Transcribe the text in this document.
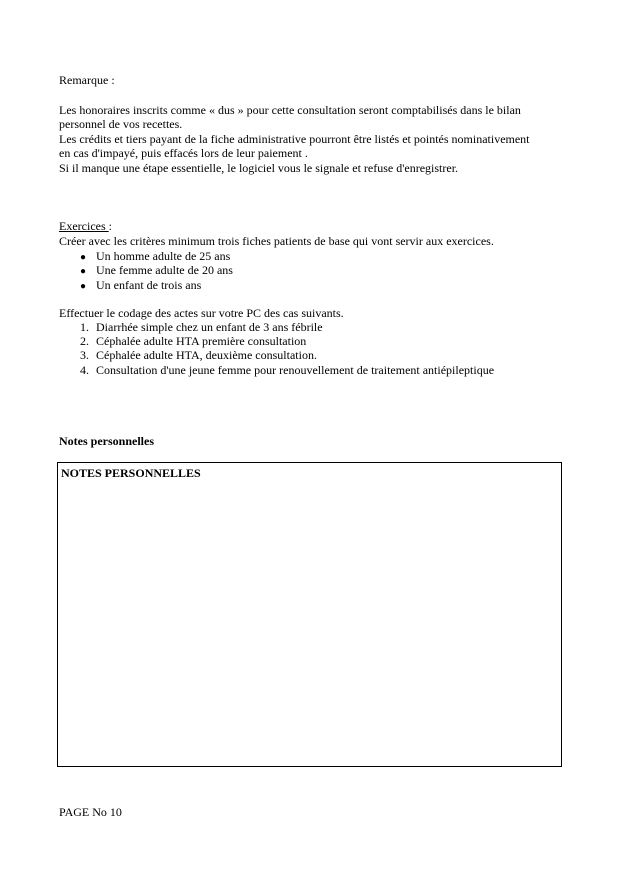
Remarque :
Les honoraires inscrits comme « dus » pour cette consultation seront comptabilisés dans le bilan
personnel de vos recettes.
Les crédits et tiers payant de la fiche administrative pourront être listés et pointés nominativement
en cas d'impayé, puis effacés lors de leur paiement .
Si il manque une étape essentielle, le logiciel vous le signale et refuse d'enregistrer.
Exercices :
Créer avec les critères minimum trois fiches patients de base qui vont servir aux exercices.
● Un homme adulte de 25 ans
● Une femme adulte de 20 ans
● Un enfant de trois ans
Effectuer le codage des actes sur votre PC des cas suivants.
1. Diarrhée simple chez un enfant de 3 ans fébrile
2. Céphalée adulte HTA première consultation
3. Céphalée adulte HTA, deuxième consultation.
4. Consultation d'une jeune femme pour renouvellement de traitement antiépileptique
Notes personnelles
NOTES PERSONNELLES
PAGE No 10
